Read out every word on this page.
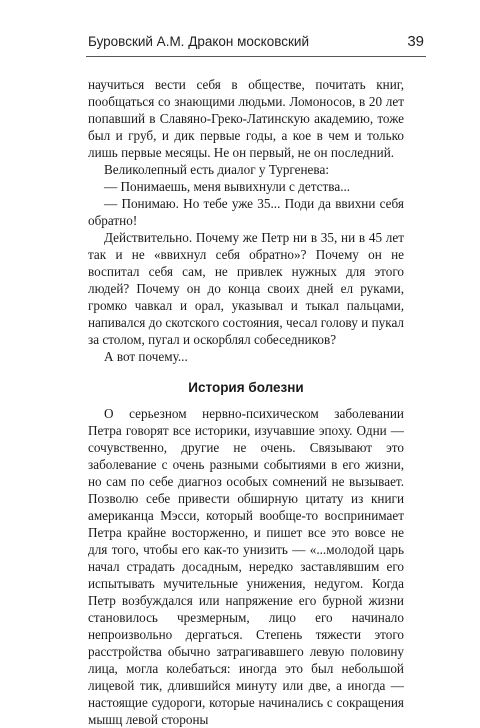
Буровский А.М. Дракон московский	39

научиться вести себя в обществе, почитать книг, пообщаться со знающими людьми. Ломоносов, в 20 лет попавший в Славяно-Греко-Латинскую академию, тоже был и груб, и дик первые годы, а кое в чем и только лишь первые месяцы. Не он первый, не он последний.

Великолепный есть диалог у Тургенева:

— Понимаешь, меня вывихнули с детства...

— Понимаю. Но тебе уже 35... Поди да ввихни себя обратно!

Действительно. Почему же Петр ни в 35, ни в 45 лет так и не «ввихнул себя обратно»? Почему он не воспитал себя сам, не привлек нужных для этого людей? Почему он до конца своих дней ел руками, громко чавкал и орал, указывал и тыкал пальцами, напивался до скотского состояния, чесал голову и пукал за столом, пугал и оскорблял собеседников?

А вот почему...

История болезни

О серьезном нервно-психическом заболевании Петра говорят все историки, изучавшие эпоху. Одни — сочувственно, другие не очень. Связывают это заболевание с очень разными событиями в его жизни, но сам по себе диагноз особых сомнений не вызывает. Позволю себе привести обширную цитату из книги американца Мэсси, который вообще-то воспринимает Петра крайне восторженно, и пишет все это вовсе не для того, чтобы его как-то унизить — «...молодой царь начал страдать досадным, нередко заставлявшим его испытывать мучительные унижения, недугом. Когда Петр возбуждался или напряжение его бурной жизни становилось чрезмерным, лицо его начинало непроизвольно дергаться. Степень тяжести этого расстройства обычно затрагивавшего левую половину лица, могла колебаться: иногда это был небольшой лицевой тик, длившийся минуту или две, а иногда — настоящие судороги, которые начинались с сокращения мышц левой стороны
